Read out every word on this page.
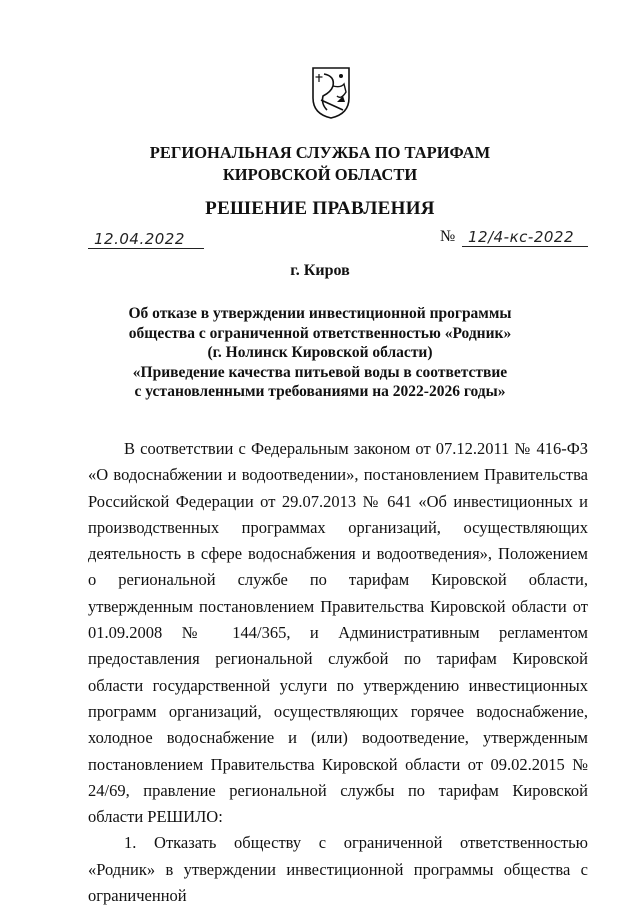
РЕГИОНАЛЬНАЯ СЛУЖБА ПО ТАРИФАМ
КИРОВСКОЙ ОБЛАСТИ
РЕШЕНИЕ ПРАВЛЕНИЯ
12.04.2022	№ 12/4-кс-2022
г. Киров
Об отказе в утверждении инвестиционной программы
общества с ограниченной ответственностью «Родник»
(г. Нолинск Кировской области)
«Приведение качества питьевой воды в соответствие
с установленными требованиями на 2022-2026 годы»

В соответствии с Федеральным законом от 07.12.2011 № 416-ФЗ «О водоснабжении и водоотведении», постановлением Правительства Российской Федерации от 29.07.2013 № 641 «Об инвестиционных и производственных программах организаций, осуществляющих деятельность в сфере водоснабжения и водоотведения», Положением о региональной службе по тарифам Кировской области, утвержденным постановлением Правительства Кировской области от 01.09.2008 № 144/365, и Административным регламентом предоставления региональной службой по тарифам Кировской области государственной услуги по утверждению инвестиционных программ организаций, осуществляющих горячее водоснабжение, холодное водоснабжение и (или) водоотведение, утвержденным постановлением Правительства Кировской области от 09.02.2015 № 24/69, правление региональной службы по тарифам Кировской области РЕШИЛО:

1. Отказать обществу с ограниченной ответственностью «Родник» в утверждении инвестиционной программы общества с ограниченной
